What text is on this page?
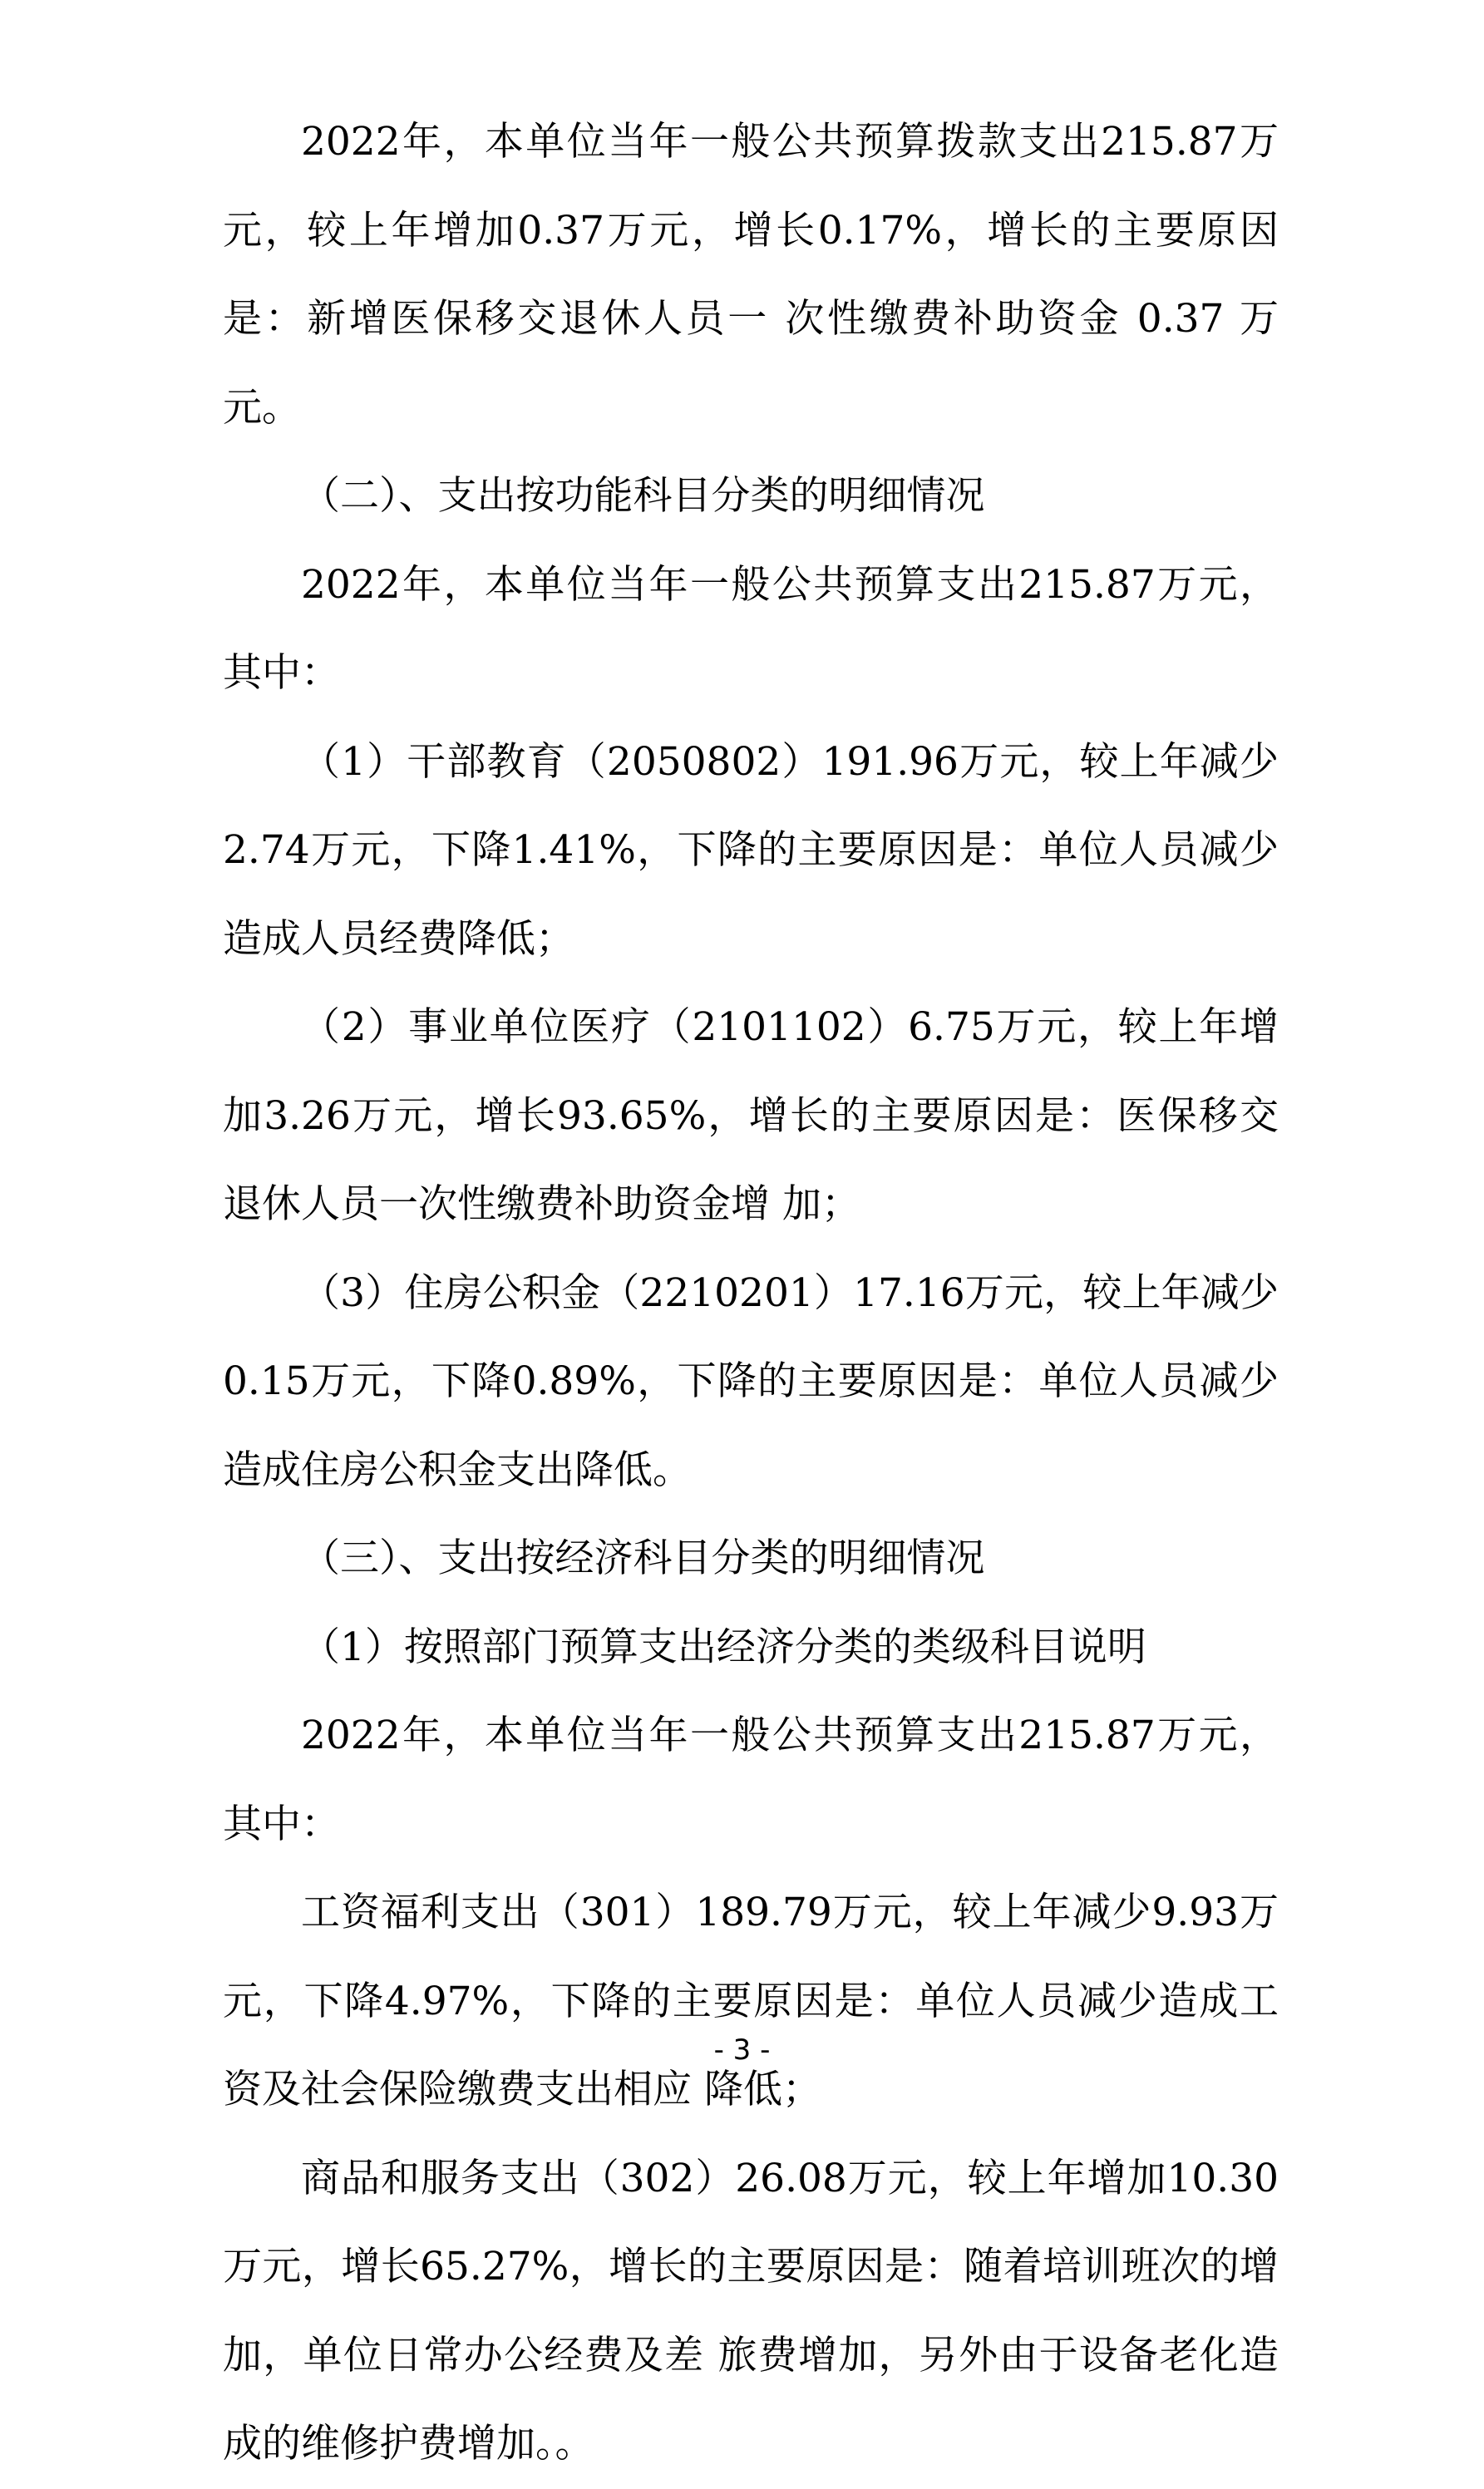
2022年，本单位当年一般公共预算拨款支出215.87万元，较上年增加0.37万元，增长0.17%，增长的主要原因是：新增医保移交退休人员一 次性缴费补助资金 0.37 万元。

（二）、支出按功能科目分类的明细情况

2022年，本单位当年一般公共预算支出215.87万元，其中：

（1）干部教育（2050802）191.96万元，较上年减少2.74万元，下降1.41%，下降的主要原因是：单位人员减少造成人员经费降低；

（2）事业单位医疗（2101102）6.75万元，较上年增加3.26万元，增长93.65%，增长的主要原因是：医保移交退休人员一次性缴费补助资金增 加；

（3）住房公积金（2210201）17.16万元，较上年减少0.15万元，下降0.89%，下降的主要原因是：单位人员减少造成住房公积金支出降低。

（三）、支出按经济科目分类的明细情况

（1）按照部门预算支出经济分类的类级科目说明

2022年，本单位当年一般公共预算支出215.87万元，其中：

工资福利支出（301）189.79万元，较上年减少9.93万元，下降4.97%，下降的主要原因是：单位人员减少造成工资及社会保险缴费支出相应 降低；

商品和服务支出（302）26.08万元，较上年增加10.30万元，增长65.27%，增长的主要原因是：随着培训班次的增加，单位日常办公经费及差 旅费增加，另外由于设备老化造成的维修护费增加。。

- 3 -
